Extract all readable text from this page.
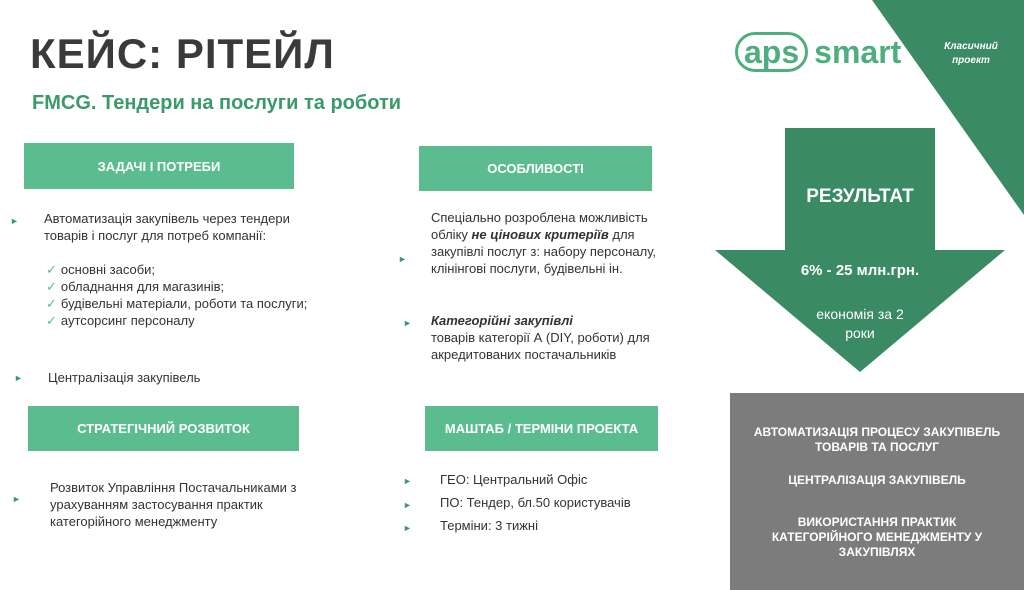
КЕЙС: РІТЕЙЛ
FMCG. Тендери на послуги та роботи
aps smart	Класичний проект
ЗАДАЧІ І ПОТРЕБИ
► Автоматизація закупівель через тендери товарів і послуг для потреб компанії:
✓ основні засоби;
✓ обладнання для магазинів;
✓ будівельні матеріали, роботи та послуги;
✓ аутсорсинг персоналу
► Централізація закупівель
ОСОБЛИВОСТІ
►
Спеціально розроблена можливість обліку не цінових критеріїв для закупівлі послуг з: набору персоналу, клінінгові послуги, будівельні ін.
► Категорійні закупівлі
товарів категорії А (DIY, роботи) для акредитованих постачальників
СТРАТЕГІЧНИЙ РОЗВИТОК
►
Розвиток Управління Постачальниками з урахуванням застосування практик категорійного менеджменту
МАШТАБ / ТЕРМІНИ ПРОЕКТА
► ГЕО: Центральний Офіс
► ПО: Тендер, бл.50 користувачів
► Терміни: 3 тижні
РЕЗУЛЬТАТ
6% - 25 млн.грн.
економія за 2 роки
АВТОМАТИЗАЦІЯ ПРОЦЕСУ ЗАКУПІВЕЛЬ ТОВАРІВ ТА ПОСЛУГ
ЦЕНТРАЛІЗАЦІЯ ЗАКУПІВЕЛЬ
ВИКОРИСТАННЯ ПРАКТИК КАТЕГОРІЙНОГО МЕНЕДЖМЕНТУ У ЗАКУПІВЛЯХ
